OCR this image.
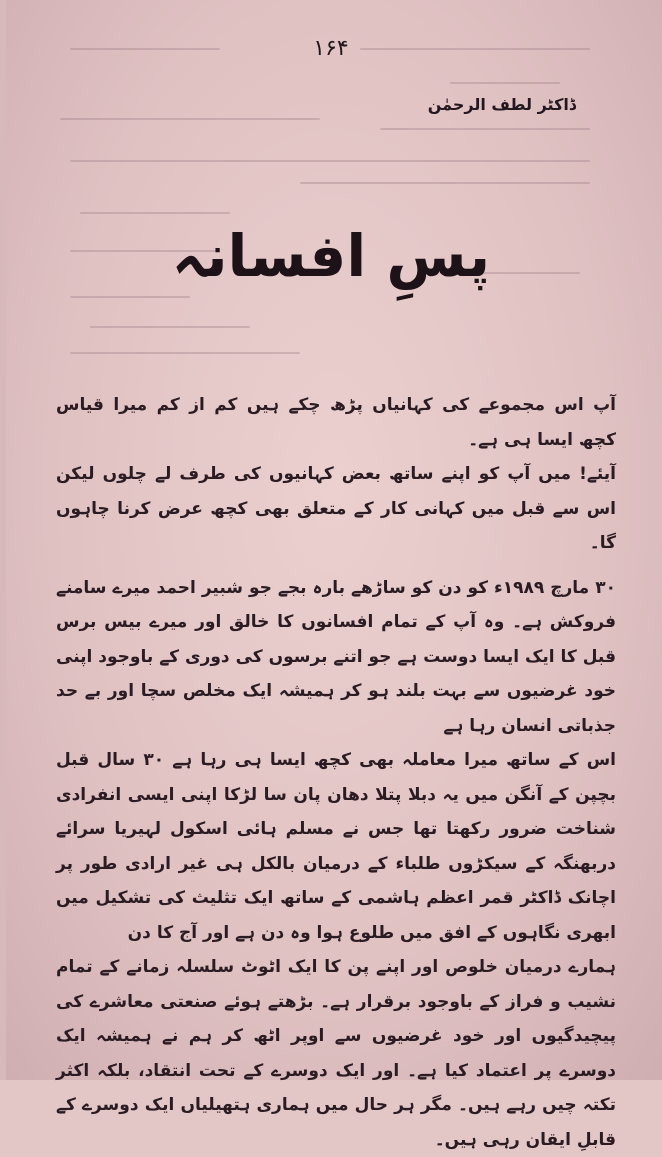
۱۶۴
ڈاکٹر لطف الرحمٰن
پسِ افسانہ

آپ اس مجموعے کی کہانیاں پڑھ چکے ہیں کم از کم میرا قیاس کچھ ایسا ہی ہے۔

آیئے! میں آپ کو اپنے ساتھ بعض کہانیوں کی طرف لے چلوں لیکن اس سے قبل میں کہانی کار کے متعلق بھی کچھ عرض کرنا چاہوں گا۔

۳۰ مارچ ۱۹۸۹ء کو دن کو ساڑھے بارہ بجے جو شبیر احمد میرے سامنے فروکش ہے۔ وہ آپ کے تمام افسانوں کا خالق اور میرے بیس برس قبل کا ایک ایسا دوست ہے جو اتنے برسوں کی دوری کے باوجود اپنی خود غرضیوں سے بہت بلند ہو کر ہمیشہ ایک مخلص سچا اور بے حد جذباتی انسان رہا ہے

اس کے ساتھ میرا معاملہ بھی کچھ ایسا ہی رہا ہے ۳۰ سال قبل بچپن کے آنگن میں یہ دبلا پتلا دھان پان سا لڑکا اپنی ایسی انفرادی شناخت ضرور رکھتا تھا جس نے مسلم ہائی اسکول لہیریا سرائے دربھنگہ کے سیکڑوں طلباء کے درمیان بالکل ہی غیر ارادی طور پر اچانک ڈاکٹر قمر اعظم ہاشمی کے ساتھ ایک تثلیث کی تشکیل میں ابھری نگاہوں کے افق میں طلوع ہوا وہ دن ہے اور آج کا دن

ہمارے درمیان خلوص اور اپنے پن کا ایک اٹوٹ سلسلہ زمانے کے تمام نشیب و فراز کے باوجود برقرار ہے۔ بڑھتے ہوئے صنعتی معاشرے کی پیچیدگیوں اور خود غرضیوں سے اوپر اٹھ کر ہم نے ہمیشہ ایک دوسرے پر اعتماد کیا ہے۔ اور ایک دوسرے کے تحت انتقاد، بلکہ اکثر تکتہ چیں رہے ہیں۔ مگر ہر حال میں ہماری ہتھیلیاں ایک دوسرے کے قابلِ ایقان رہی ہیں۔
